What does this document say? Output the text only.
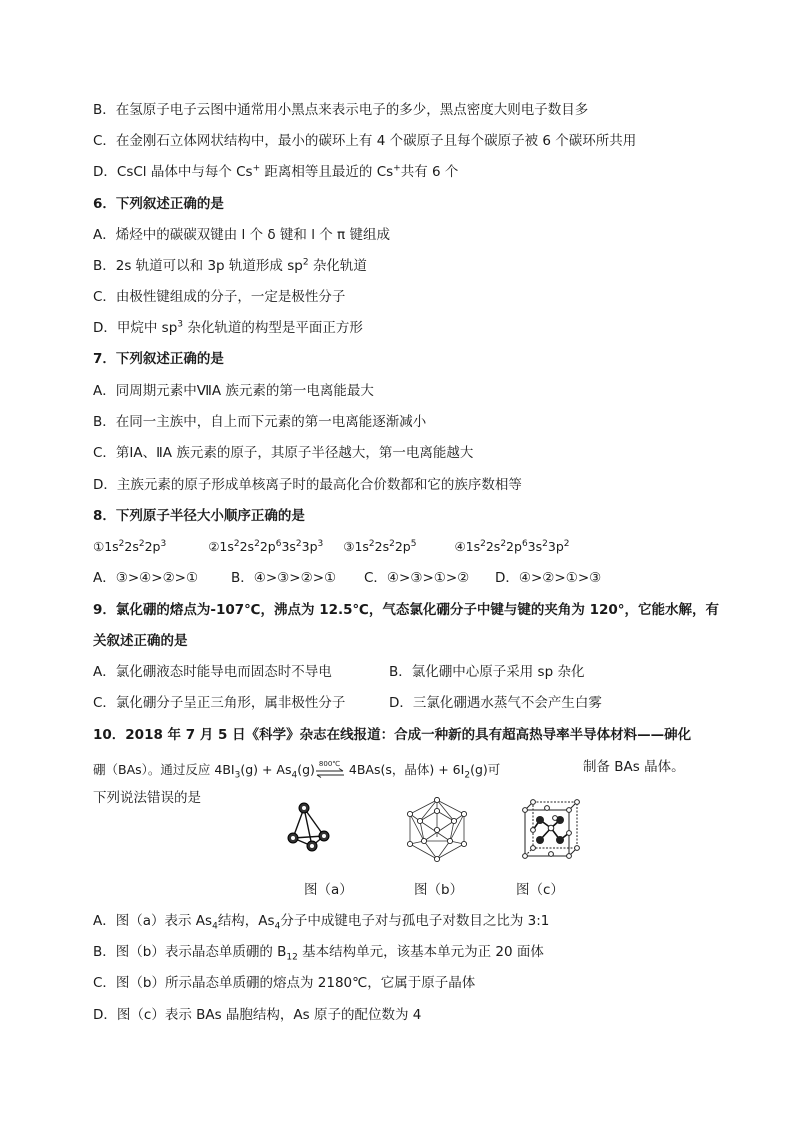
B．在氢原子电子云图中通常用小黑点来表示电子的多少，黑点密度大则电子数目多
C．在金刚石立体网状结构中，最小的碳环上有 4 个碳原子且每个碳原子被 6 个碳环所共用
D．CsCl 晶体中与每个 Cs+ 距离相等且最近的 Cs+共有 6 个
6．下列叙述正确的是
A．烯烃中的碳碳双键由 l 个 δ 键和 l 个 π 键组成
B．2s 轨道可以和 3p 轨道形成 $sp^2$ 杂化轨道
C．由极性键组成的分子，一定是极性分子
D．甲烷中 $sp^3$ 杂化轨道的构型是平面正方形
7．下列叙述正确的是
A．同周期元素中ⅦA 族元素的第一电离能最大
B．在同一主族中，自上而下元素的第一电离能逐渐减小
C．第ⅠA、ⅡA 族元素的原子，其原子半径越大，第一电离能越大
D．主族元素的原子形成单核离子时的最高化合价数都和它的族序数相等
8．下列原子半径大小顺序正确的是
$①1s^22s^22p^3$	$②1s^22s^22p^63s^23p^3$ $③1s^22s^22p^5$	$④1s^22s^22p^63s^23p^2$
A．③>④>②>① B．④>③>②>① C．④>③>①>② D．④>②>①>③
9．氯化硼的熔点为-107℃，沸点为 12.5℃，气态氯化硼分子中键与键的夹角为 120°，它能水解，有
关叙述正确的是
A．氯化硼液态时能导电而固态时不导电	B．氯化硼中心原子采用 sp 杂化
C．氯化硼分子呈正三角形，属非极性分子	D．三氯化硼遇水蒸气不会产生白雾
10．2018 年 7 月 5 日《科学》杂志在线报道：合成一种新的具有超高热导率半导体材料——砷化
硼（BAs）。通过反应 $4BI_3(g) + As_4(g)$ 800℃ 4BAs(s，晶体) + $6I_2(g)$可	制备 BAs 晶体。
下列说法错误的是
图（a）	图（b）	图（c）
A．图（a）表示 $As_4$结构，$As_4$分子中成键电子对与孤电子对数目之比为 3:1
B．图（b）表示晶态单质硼的 $B_{12}$ 基本结构单元，该基本单元为正 20 面体
C．图（b）所示晶态单质硼的熔点为 2180℃，它属于原子晶体
D．图（c）表示 BAs 晶胞结构，As 原子的配位数为 4
